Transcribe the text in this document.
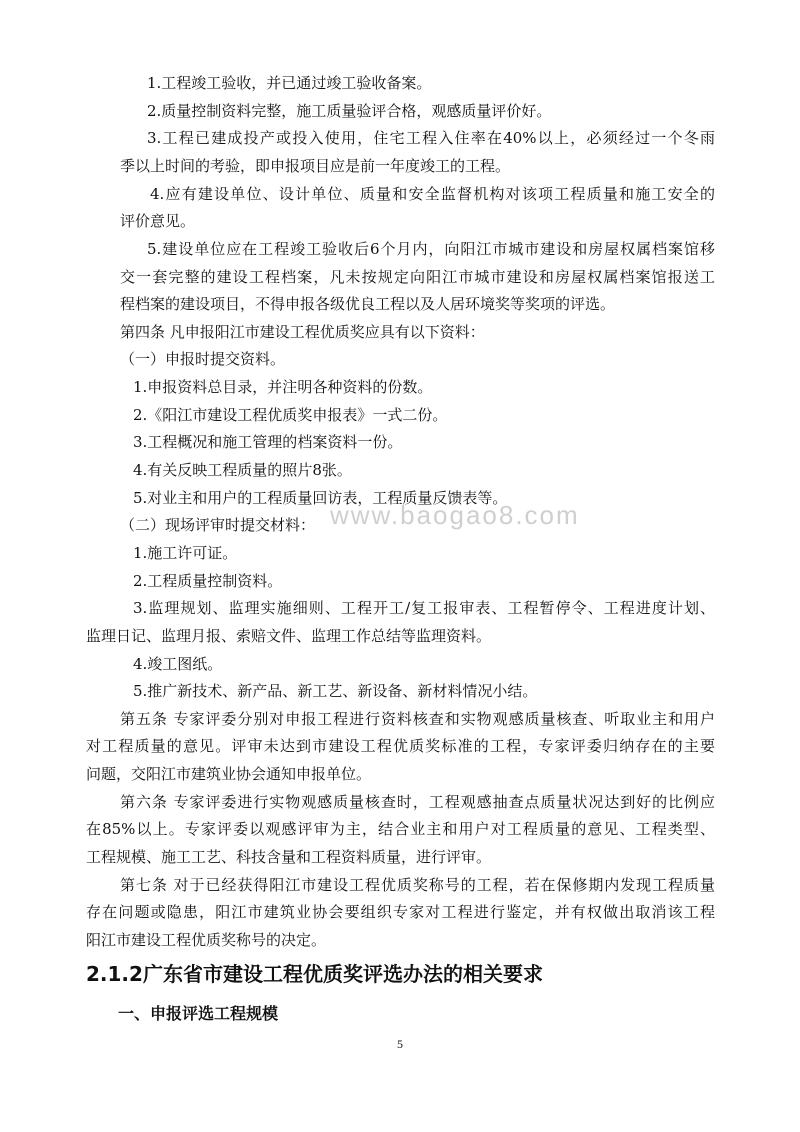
www.baogao8.com
1.工程竣工验收，并已通过竣工验收备案。
2.质量控制资料完整，施工质量验评合格，观感质量评价好。
3.工程已建成投产或投入使用，住宅工程入住率在40%以上，必须经过一个冬雨
季以上时间的考验，即申报项目应是前一年度竣工的工程。
4.应有建设单位、设计单位、质量和安全监督机构对该项工程质量和施工安全的
评价意见。
5.建设单位应在工程竣工验收后6个月内，向阳江市城市建设和房屋权属档案馆移
交一套完整的建设工程档案，凡未按规定向阳江市城市建设和房屋权属档案馆报送工
程档案的建设项目，不得申报各级优良工程以及人居环境奖等奖项的评选。
第四条 凡申报阳江市建设工程优质奖应具有以下资料：
（一）申报时提交资料。
1.申报资料总目录，并注明各种资料的份数。
2.《阳江市建设工程优质奖申报表》一式二份。
3.工程概况和施工管理的档案资料一份。
4.有关反映工程质量的照片8张。
5.对业主和用户的工程质量回访表，工程质量反馈表等。
（二）现场评审时提交材料：
1.施工许可证。
2.工程质量控制资料。
3.监理规划、监理实施细则、工程开工/复工报审表、工程暂停令、工程进度计划、
监理日记、监理月报、索赔文件、监理工作总结等监理资料。
4.竣工图纸。
5.推广新技术、新产品、新工艺、新设备、新材料情况小结。
第五条 专家评委分别对申报工程进行资料核查和实物观感质量核查、听取业主和用户
对工程质量的意见。评审未达到市建设工程优质奖标准的工程，专家评委归纳存在的主要
问题，交阳江市建筑业协会通知申报单位。
第六条 专家评委进行实物观感质量核查时，工程观感抽查点质量状况达到好的比例应
在85%以上。专家评委以观感评审为主，结合业主和用户对工程质量的意见、工程类型、
工程规模、施工工艺、科技含量和工程资料质量，进行评审。
第七条 对于已经获得阳江市建设工程优质奖称号的工程，若在保修期内发现工程质量
存在问题或隐患，阳江市建筑业协会要组织专家对工程进行鉴定，并有权做出取消该工程
阳江市建设工程优质奖称号的决定。
2.1.2广东省市建设工程优质奖评选办法的相关要求
一、申报评选工程规模
5
